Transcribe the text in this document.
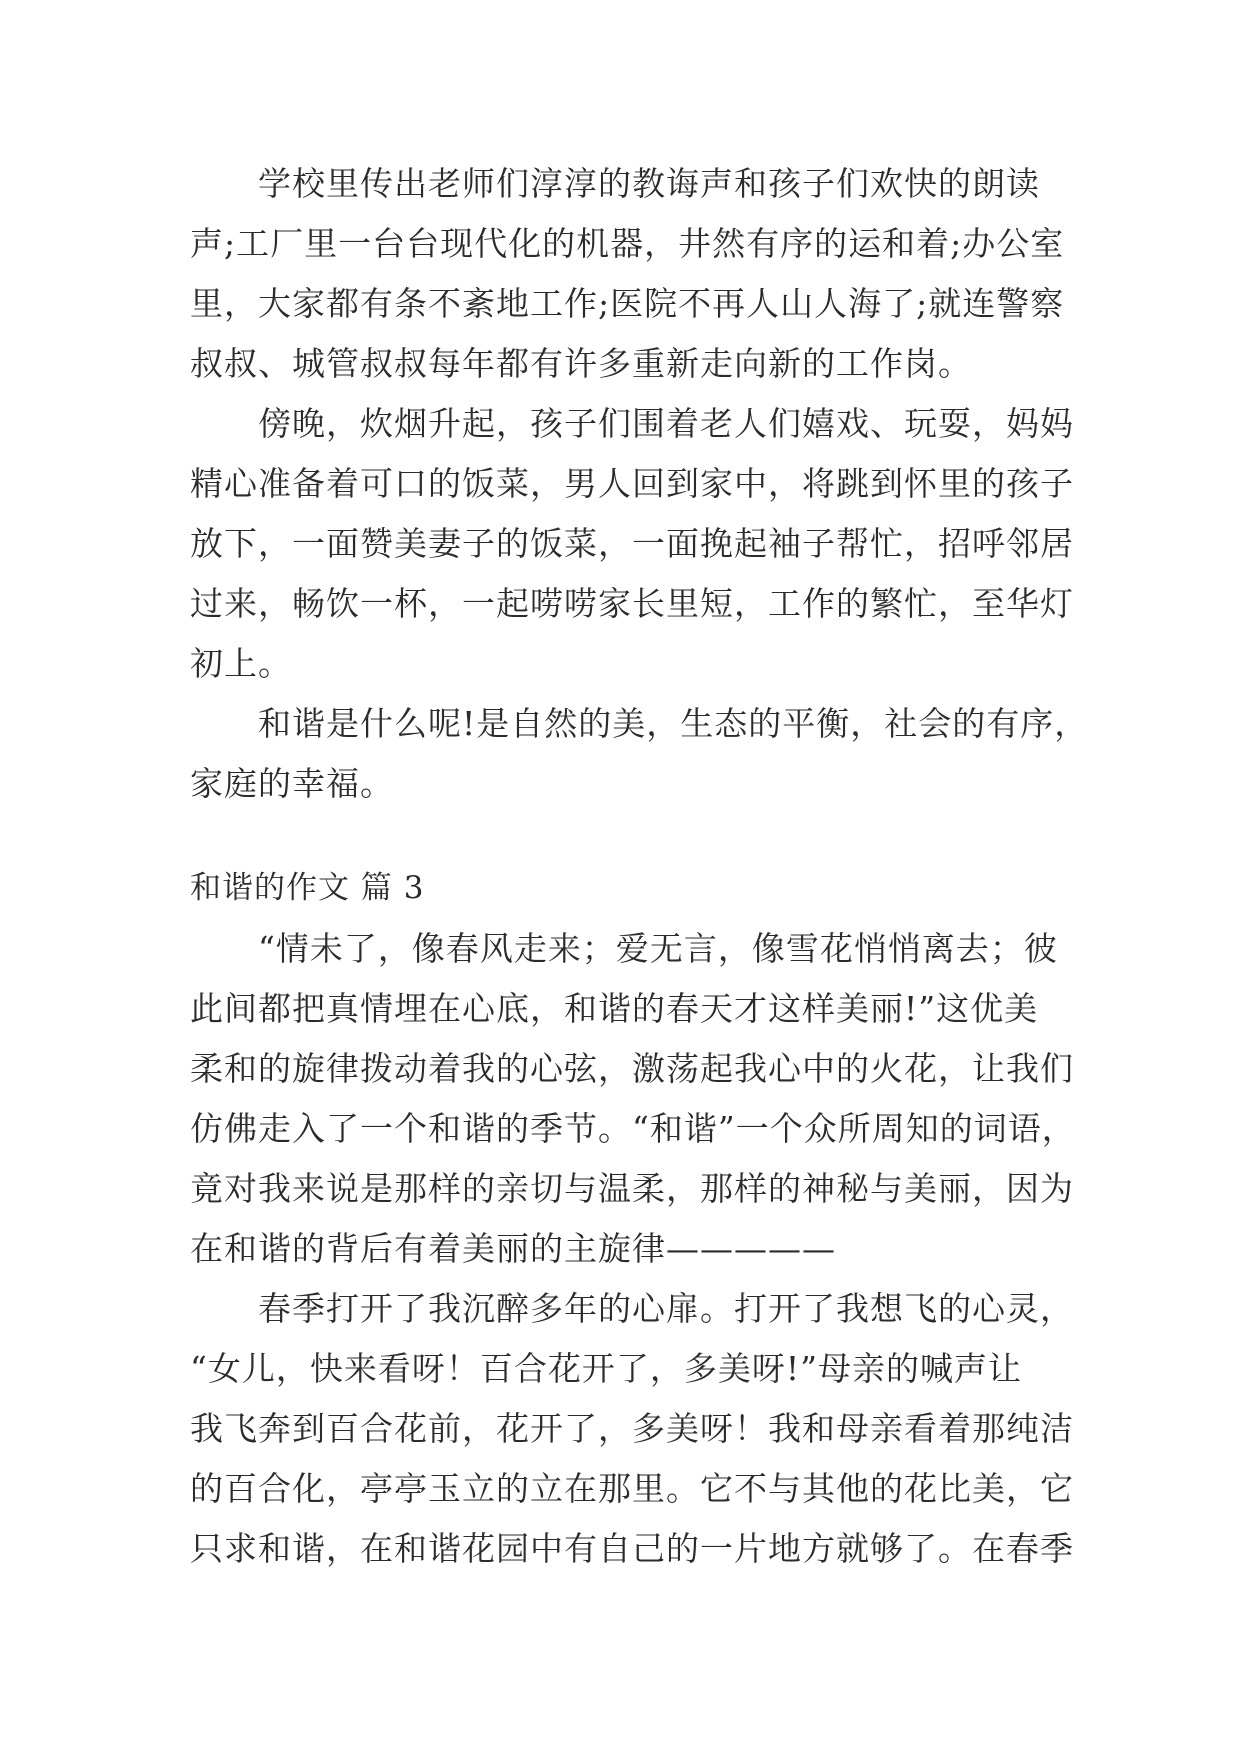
学校里传出老师们淳淳的教诲声和孩子们欢快的朗读

声;工厂里一台台现代化的机器，井然有序的运和着;办公室

里，大家都有条不紊地工作;医院不再人山人海了;就连警察

叔叔、城管叔叔每年都有许多重新走向新的工作岗。

傍晚，炊烟升起，孩子们围着老人们嬉戏、玩耍，妈妈

精心准备着可口的饭菜，男人回到家中，将跳到怀里的孩子

放下，一面赞美妻子的饭菜，一面挽起袖子帮忙，招呼邻居

过来，畅饮一杯，一起唠唠家长里短，工作的繁忙，至华灯

初上。

和谐是什么呢!是自然的美，生态的平衡，社会的有序，

家庭的幸福。

和谐的作文 篇 3

“情未了，像春风走来；爱无言，像雪花悄悄离去；彼

此间都把真情埋在心底，和谐的春天才这样美丽!”这优美

柔和的旋律拨动着我的心弦，激荡起我心中的火花，让我们

仿佛走入了一个和谐的季节。“和谐”一个众所周知的词语，

竟对我来说是那样的亲切与温柔，那样的神秘与美丽，因为

在和谐的背后有着美丽的主旋律—————

春季打开了我沉醉多年的心扉。打开了我想飞的心灵，

“女儿，快来看呀！百合花开了，多美呀!”母亲的喊声让

我飞奔到百合花前，花开了，多美呀！我和母亲看着那纯洁

的百合化，亭亭玉立的立在那里。它不与其他的花比美，它

只求和谐，在和谐花园中有自己的一片地方就够了。在春季
